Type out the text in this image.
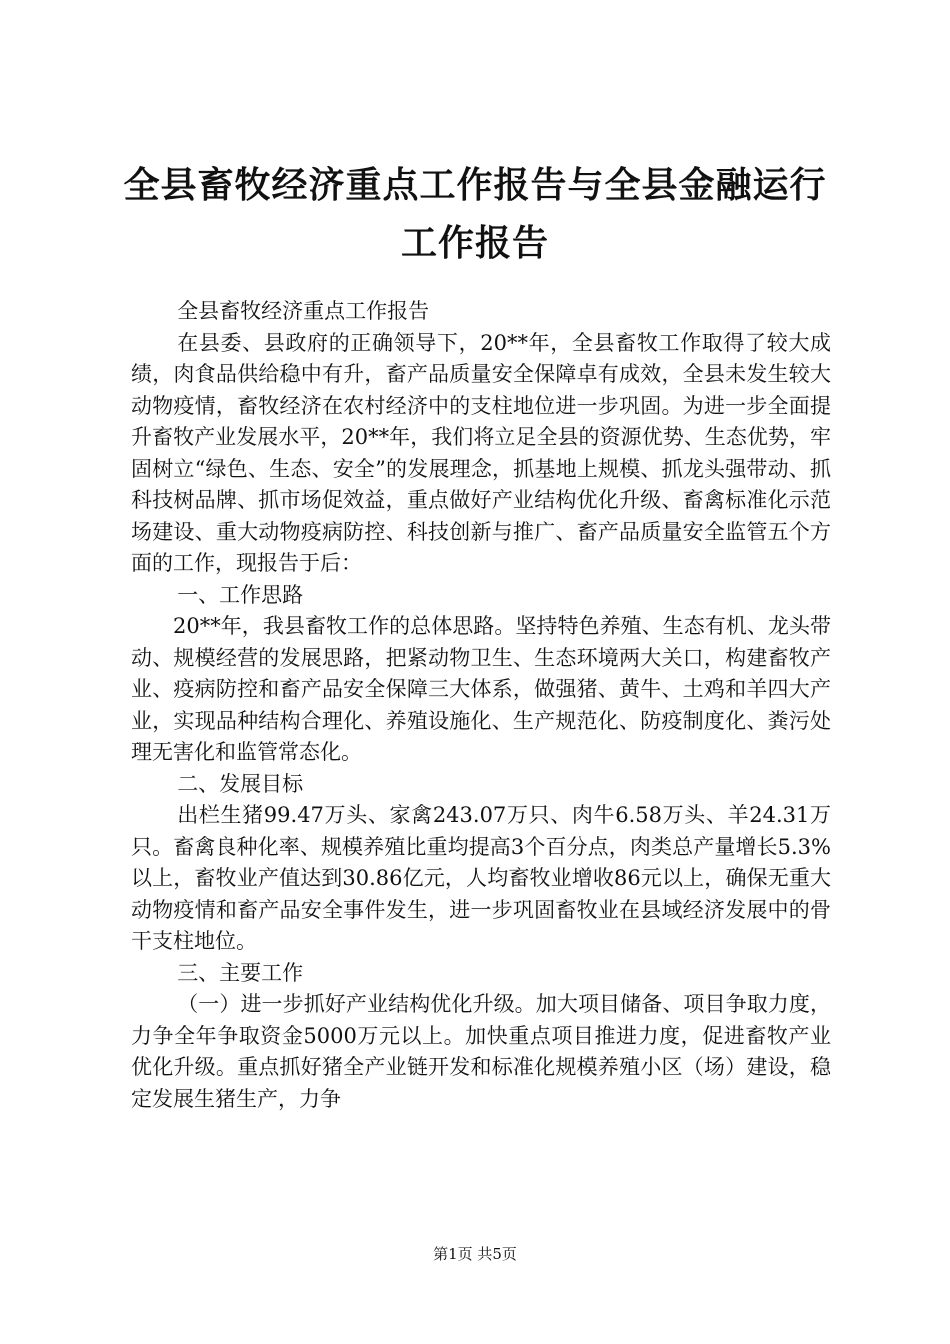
全县畜牧经济重点工作报告与全县金融运行工作报告

全县畜牧经济重点工作报告

在县委、县政府的正确领导下，20**年，全县畜牧工作取得了较大成绩，肉食品供给稳中有升，畜产品质量安全保障卓有成效，全县未发生较大动物疫情，畜牧经济在农村经济中的支柱地位进一步巩固。为进一步全面提升畜牧产业发展水平，20**年，我们将立足全县的资源优势、生态优势，牢固树立“绿色、生态、安全”的发展理念，抓基地上规模、抓龙头强带动、抓科技树品牌、抓市场促效益，重点做好产业结构优化升级、畜禽标准化示范场建设、重大动物疫病防控、科技创新与推广、畜产品质量安全监管五个方面的工作，现报告于后：

一、工作思路

20**年，我县畜牧工作的总体思路。坚持特色养殖、生态有机、龙头带动、规模经营的发展思路，把紧动物卫生、生态环境两大关口，构建畜牧产业、疫病防控和畜产品安全保障三大体系，做强猪、黄牛、土鸡和羊四大产业，实现品种结构合理化、养殖设施化、生产规范化、防疫制度化、粪污处理无害化和监管常态化。

二、发展目标

出栏生猪99.47万头、家禽243.07万只、肉牛6.58万头、羊24.31万只。畜禽良种化率、规模养殖比重均提高3个百分点，肉类总产量增长5.3%以上，畜牧业产值达到30.86亿元，人均畜牧业增收86元以上，确保无重大动物疫情和畜产品安全事件发生，进一步巩固畜牧业在县域经济发展中的骨干支柱地位。

三、主要工作

（一）进一步抓好产业结构优化升级。加大项目储备、项目争取力度，力争全年争取资金5000万元以上。加快重点项目推进力度，促进畜牧产业优化升级。重点抓好猪全产业链开发和标准化规模养殖小区（场）建设，稳定发展生猪生产，力争

第1页 共5页
